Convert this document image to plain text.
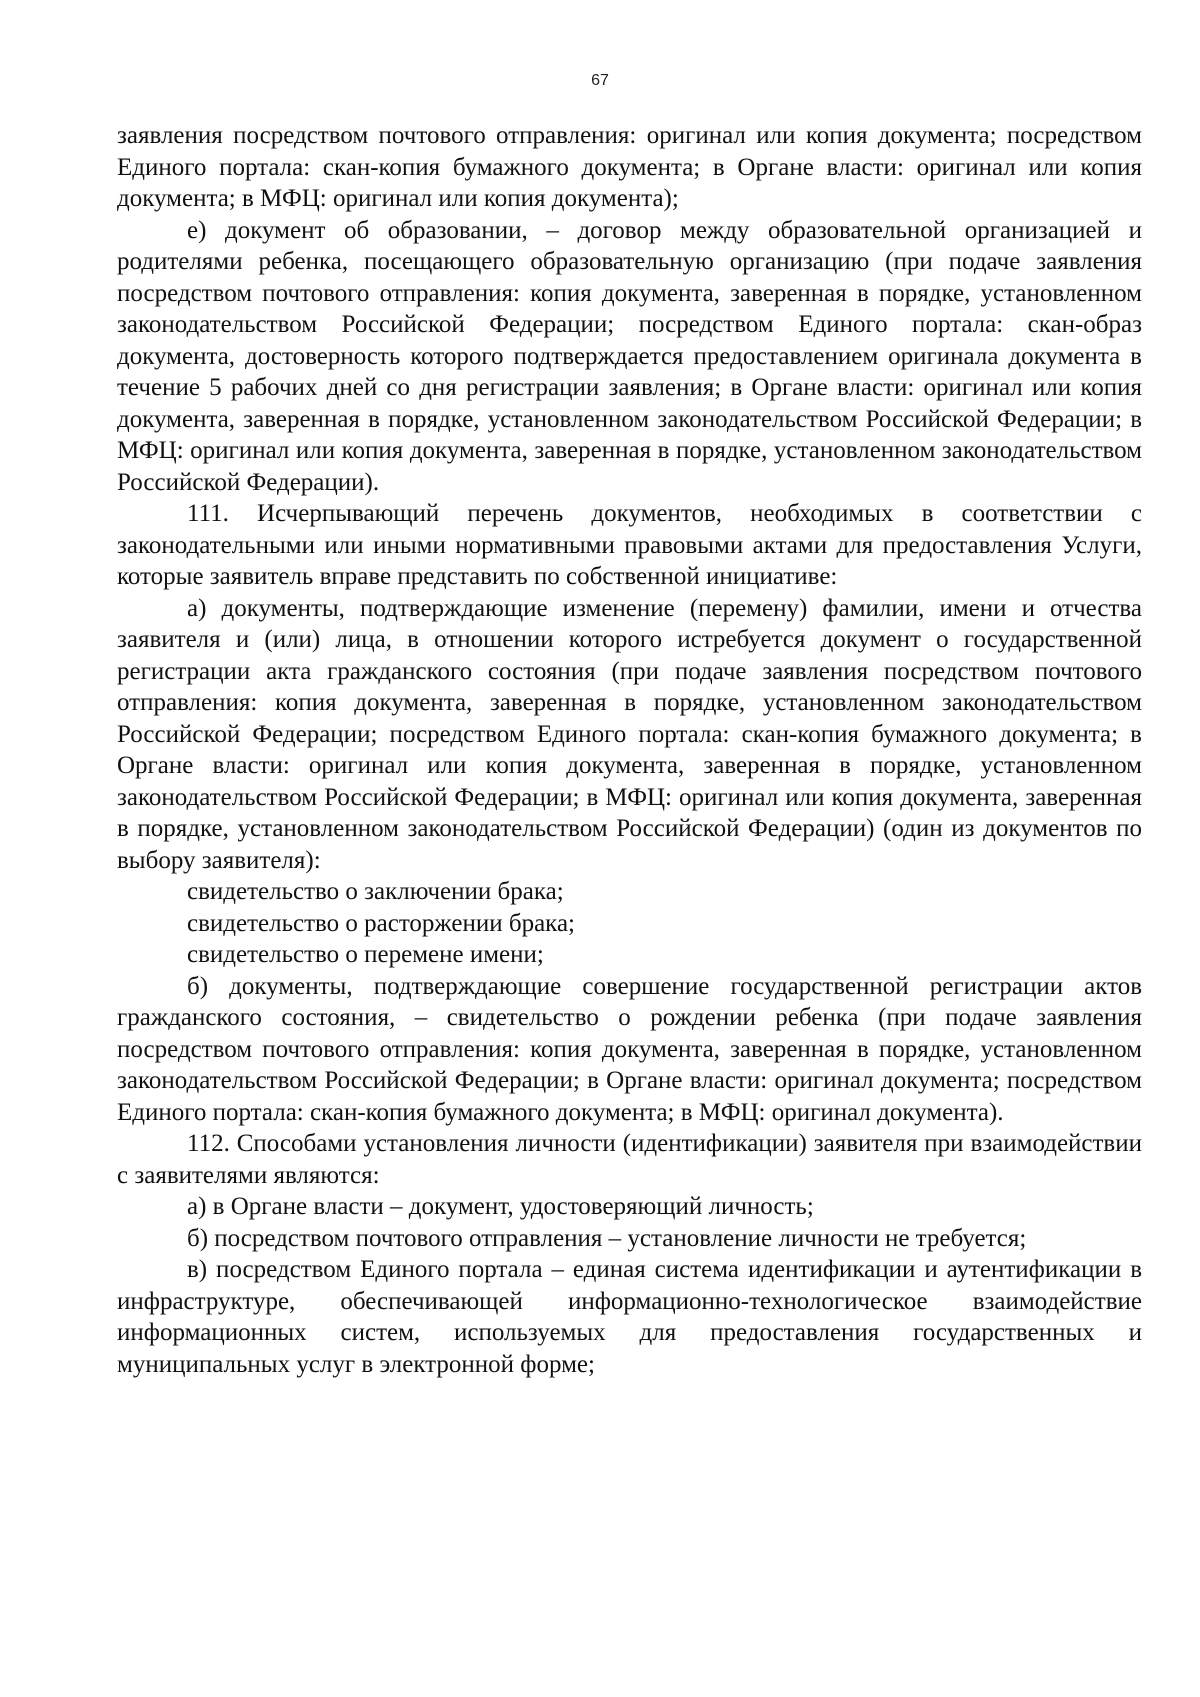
67

заявления посредством почтового отправления: оригинал или копия документа; посредством Единого портала: скан-копия бумажного документа; в Органе власти: оригинал или копия документа; в МФЦ: оригинал или копия документа);

е) документ об образовании, – договор между образовательной организацией и родителями ребенка, посещающего образовательную организацию (при подаче заявления посредством почтового отправления: копия документа, заверенная в порядке, установленном законодательством Российской Федерации; посредством Единого портала: скан-образ документа, достоверность которого подтверждается предоставлением оригинала документа в течение 5 рабочих дней со дня регистрации заявления; в Органе власти: оригинал или копия документа, заверенная в порядке, установленном законодательством Российской Федерации; в МФЦ: оригинал или копия документа, заверенная в порядке, установленном законодательством Российской Федерации).

111. Исчерпывающий перечень документов, необходимых в соответствии с законодательными или иными нормативными правовыми актами для предоставления Услуги, которые заявитель вправе представить по собственной инициативе:

а) документы, подтверждающие изменение (перемену) фамилии, имени и отчества заявителя и (или) лица, в отношении которого истребуется документ о государственной регистрации акта гражданского состояния (при подаче заявления посредством почтового отправления: копия документа, заверенная в порядке, установленном законодательством Российской Федерации; посредством Единого портала: скан-копия бумажного документа; в Органе власти: оригинал или копия документа, заверенная в порядке, установленном законодательством Российской Федерации; в МФЦ: оригинал или копия документа, заверенная в порядке, установленном законодательством Российской Федерации) (один из документов по выбору заявителя):

свидетельство о заключении брака;

свидетельство о расторжении брака;

свидетельство о перемене имени;

б) документы, подтверждающие совершение государственной регистрации актов гражданского состояния, – свидетельство о рождении ребенка (при подаче заявления посредством почтового отправления: копия документа, заверенная в порядке, установленном законодательством Российской Федерации; в Органе власти: оригинал документа; посредством Единого портала: скан-копия бумажного документа; в МФЦ: оригинал документа).

112. Способами установления личности (идентификации) заявителя при взаимодействии с заявителями являются:

а) в Органе власти – документ, удостоверяющий личность;

б) посредством почтового отправления – установление личности не требуется;

в) посредством Единого портала – единая система идентификации и аутентификации в инфраструктуре, обеспечивающей информационно-технологическое взаимодействие информационных систем, используемых для предоставления государственных и муниципальных услуг в электронной форме;
